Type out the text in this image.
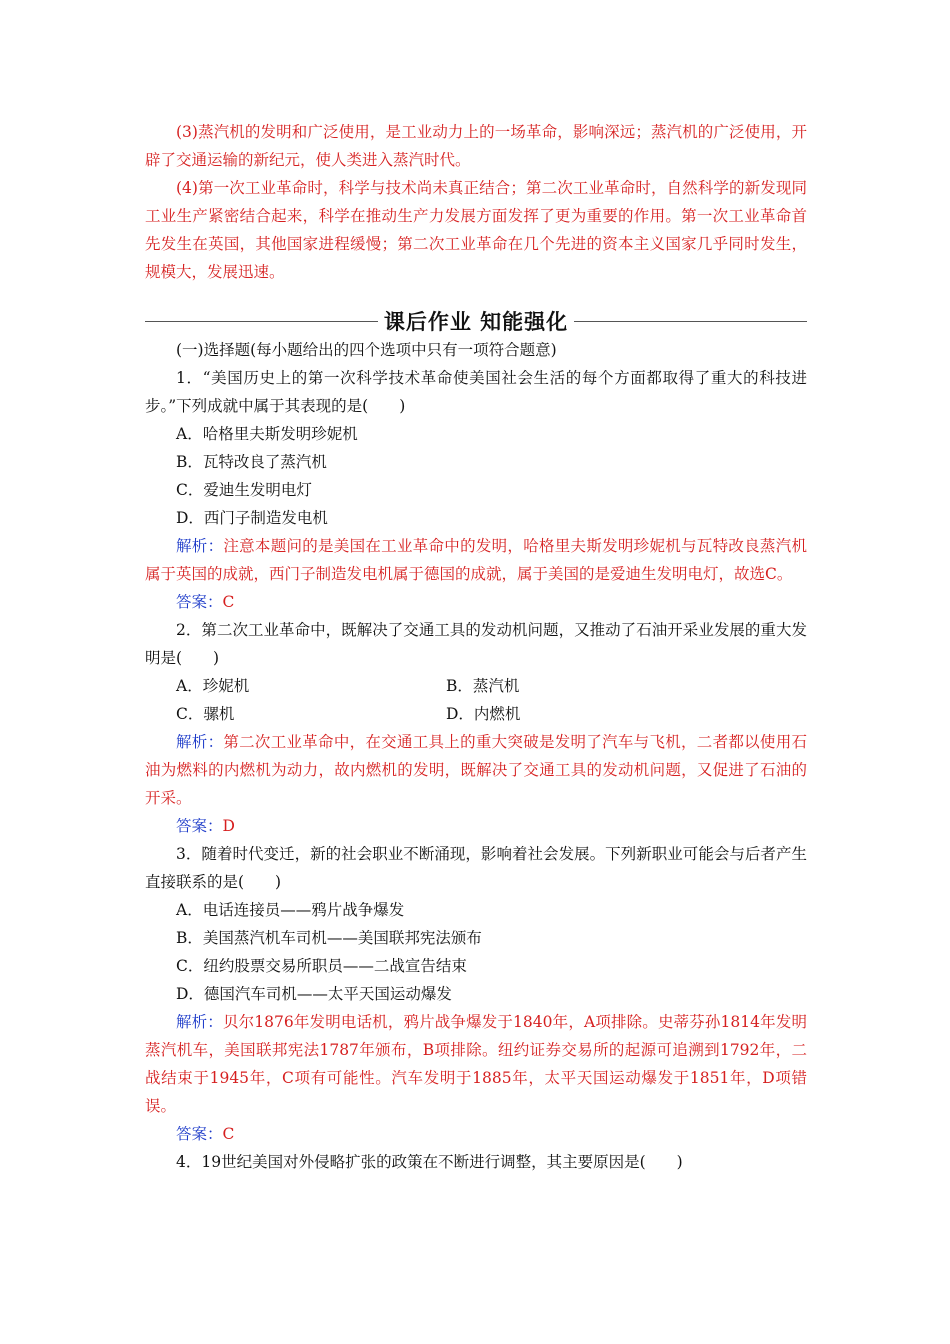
(3)蒸汽机的发明和广泛使用，是工业动力上的一场革命，影响深远；蒸汽机的广泛使用，开辟了交通运输的新纪元，使人类进入蒸汽时代。

(4)第一次工业革命时，科学与技术尚未真正结合；第二次工业革命时，自然科学的新发现同工业生产紧密结合起来，科学在推动生产力发展方面发挥了更为重要的作用。第一次工业革命首先发生在英国，其他国家进程缓慢；第二次工业革命在几个先进的资本主义国家几乎同时发生，规模大，发展迅速。

课后作业 知能强化

(一)选择题(每小题给出的四个选项中只有一项符合题意)

1．“美国历史上的第一次科学技术革命使美国社会生活的每个方面都取得了重大的科技进步。”下列成就中属于其表现的是(　　)

A．哈格里夫斯发明珍妮机

B．瓦特改良了蒸汽机

C．爱迪生发明电灯

D．西门子制造发电机

解析：注意本题问的是美国在工业革命中的发明，哈格里夫斯发明珍妮机与瓦特改良蒸汽机属于英国的成就，西门子制造发电机属于德国的成就，属于美国的是爱迪生发明电灯，故选C。

答案：C

2．第二次工业革命中，既解决了交通工具的发动机问题，又推动了石油开采业发展的重大发明是(　　)

A．珍妮机	B．蒸汽机

C．骡机	D．内燃机

解析：第二次工业革命中，在交通工具上的重大突破是发明了汽车与飞机，二者都以使用石油为燃料的内燃机为动力，故内燃机的发明，既解决了交通工具的发动机问题，又促进了石油的开采。

答案：D

3．随着时代变迁，新的社会职业不断涌现，影响着社会发展。下列新职业可能会与后者产生直接联系的是(　　)

A．电话连接员——鸦片战争爆发

B．美国蒸汽机车司机——美国联邦宪法颁布

C．纽约股票交易所职员——二战宣告结束

D．德国汽车司机——太平天国运动爆发

解析：贝尔1876年发明电话机，鸦片战争爆发于1840年，A项排除。史蒂芬孙1814年发明蒸汽机车，美国联邦宪法1787年颁布，B项排除。纽约证券交易所的起源可追溯到1792年，二战结束于1945年，C项有可能性。汽车发明于1885年，太平天国运动爆发于1851年，D项错误。

答案：C

4．19世纪美国对外侵略扩张的政策在不断进行调整，其主要原因是(　　)
